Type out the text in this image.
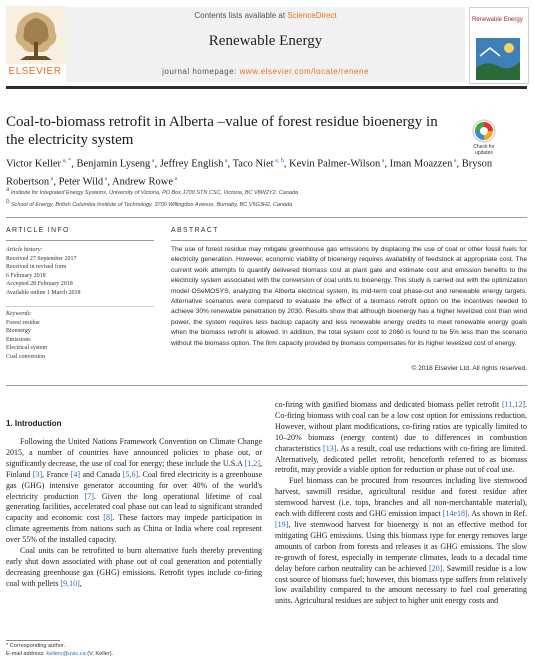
Contents lists available at ScienceDirect
Renewable Energy
journal homepage: www.elsevier.com/locate/renene
ELSEVIER
Renewable Energy
Coal-to-biomass retrofit in Alberta –value of forest residue bioenergy in the electricity system	Check for
updates
Victor Keller $^{a, *}$, Benjamin Lyseng $^a$, Jeffrey English $^a$, Taco Niet $^{a, b}$, Kevin Palmer-Wilson $^a$, Iman Moazzen $^a$, Bryson Robertson $^a$, Peter Wild $^a$, Andrew Rowe $^a$
$^a$ Institute for Integrated Energy Systems, University of Victoria, PO Box 1700 STN CSC, Victoria, BC V8W2Y2, Canada
$^b$ School of Energy, British Columbia Institute of Technology, 3700 Willingdon Avenue, Burnaby, BC V5G3H2, Canada
ARTICLE INFO
Article history:
Received 27 September 2017
Received in revised form
6 February 2018
Accepted 28 February 2018
Available online 1 March 2018
Keywords:
Forest residue
Bioenergy
Emissions
Electrical system
Coal conversion
ABSTRACT
The use of forest residue may mitigate greenhouse gas emissions by displacing the use of coal or other fossil fuels for electricity generation. However, economic viability of bioenergy requires availability of feedstock at appropriate cost. The current work attempts to quantify delivered biomass cost at plant gate and estimate cost and emission benefits to the electricity system associated with the conversion of coal units to bioenergy. This study is carried out with the optimization model OSeMOSYS, analyzing the Alberta electrical system, its mid-term coal phase-out and renewable energy targets. Alternative scenarios were compared to evaluate the effect of a biomass retrofit option on the incentives needed to achieve 30% renewable penetration by 2030. Results show that although bioenergy has a higher levelized cost than wind power, the system requires less backup capacity and less renewable energy credits to meet renewable energy goals when the biomass retrofit is allowed. In addition, the total system cost to 2060 is found to be 5% less than the scenario without the biomass option. The firm capacity provided by biomass compensates for its higher levelized cost of energy.
© 2018 Elsevier Ltd. All rights reserved.
1. Introduction

Following the United Nations Framework Convention on Climate Change 2015, a number of countries have announced policies to phase out, or significantly decrease, the use of coal for energy; these include the U.S.A [1,2], Finland [3], France [4] and Canada [5,6]. Coal fired electricity is a greenhouse gas (GHG) intensive generator accounting for over 40% of the world's electricity production [7]. Given the long operational lifetime of coal generating facilities, accelerated coal phase out can lead to significant stranded capacity and economic cost [8]. These factors may impede participation in climate agreements from nations such as China or India where coal represent over 55% of the installed capacity.

Coal units can be retrofitted to burn alternative fuels thereby preventing early shut down associated with phase out of coal generation and potentially decreasing greenhouse gas (GHG) emissions. Retrofit types include co-firing coal with pellets [9,10],

co-firing with gasified biomass and dedicated biomass pellet retrofit [11,12]. Co-firing biomass with coal can be a low cost option for emissions reduction. However, without plant modifications, co-firing ratios are typically limited to 10–20% biomass (energy content) due to differences in combustion characteristics [13]. As a result, coal use reductions with co-firing are limited. Alternatively, dedicated pellet retrofit, henceforth referred to as biomass retrofit, may provide a viable option for reduction or phase out of coal use.

Fuel biomass can be procured from resources including live stemwood harvest, sawmill residue, agricultural residue and forest residue after stemwood harvest (i.e. tops, branches and all non-merchantable material), each with different costs and GHG emission impact [14e18]. As shown in Ref. [19], live stemwood harvest for bioenergy is not an effective method for mitigating GHG emissions. Using this biomass type for energy removes large amounts of carbon from forests and releases it as GHG emissions. The slow re-growth of forest, especially in temperate climates, leads to a decadal time delay before carbon neutrality can be achieved [20]. Sawmill residue is a low cost source of biomass fuel; however, this biomass type suffers from relatively low availability compared to the amount necessary to fuel coal generating units. Agricultural residues are subject to higher unit energy costs and

* Corresponding author.
E-mail address: kellerv@uvic.ca (V. Keller).
